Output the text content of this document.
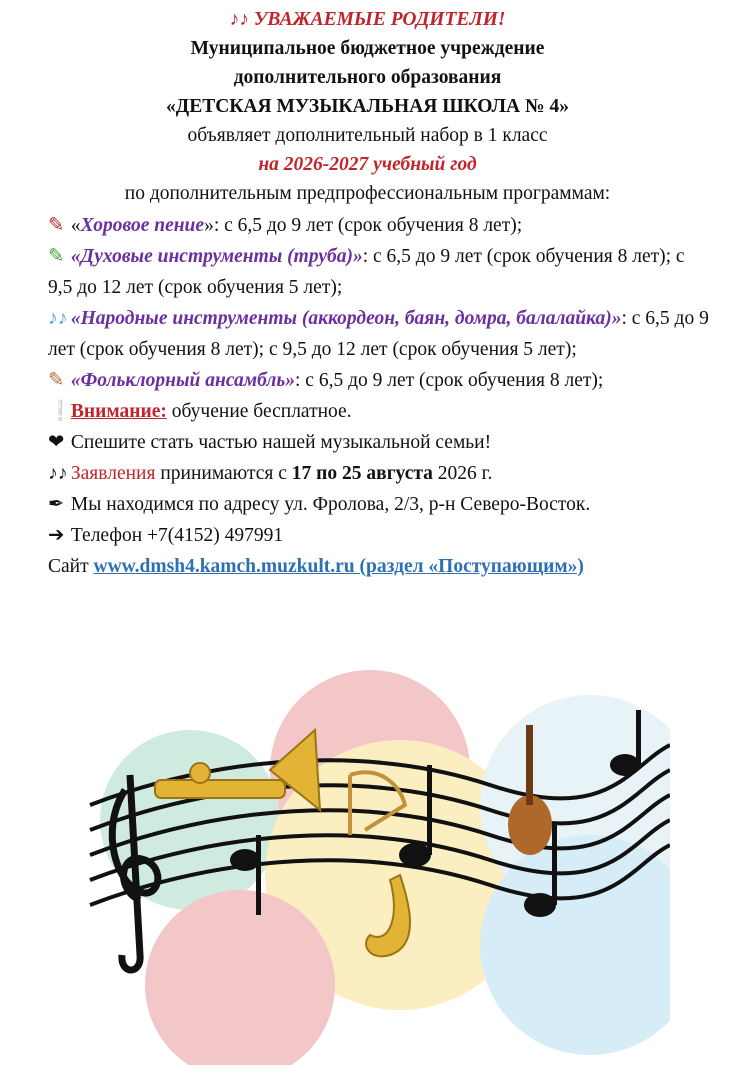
♪♪ УВАЖАЕМЫЕ РОДИТЕЛИ!
Муниципальное бюджетное учреждение
дополнительного образования
«ДЕТСКАЯ МУЗЫКАЛЬНАЯ ШКОЛА № 4»
объявляет дополнительный набор в 1 класс
на 2026-2027 учебный год
по дополнительным предпрофессиональным программам:

✎ «Хоровое пение»: с 6,5 до 9 лет (срок обучения 8 лет);

✎ «Духовые инструменты (труба)»: с 6,5 до 9 лет (срок обучения 8 лет); с 9,5 до 12 лет (срок обучения 5 лет);

♪♪ «Народные инструменты (аккордеон, баян, домра, балалайка)»: с 6,5 до 9 лет (срок обучения 8 лет); с 9,5 до 12 лет (срок обучения 5 лет);

✎ «Фольклорный ансамбль»: с 6,5 до 9 лет (срок обучения 8 лет);

❕ Внимание: обучение бесплатное.

❤ Спешите стать частью нашей музыкальной семьи!

♪♪ Заявления принимаются с 17 по 25 августа 2026 г.

✒ Мы находимся по адресу ул. Фролова, 2/3, р-н Северо-Восток.

➔ Телефон +7(4152) 497991

Сайт www.dmsh4.kamch.muzkult.ru (раздел «Поступающим»)
